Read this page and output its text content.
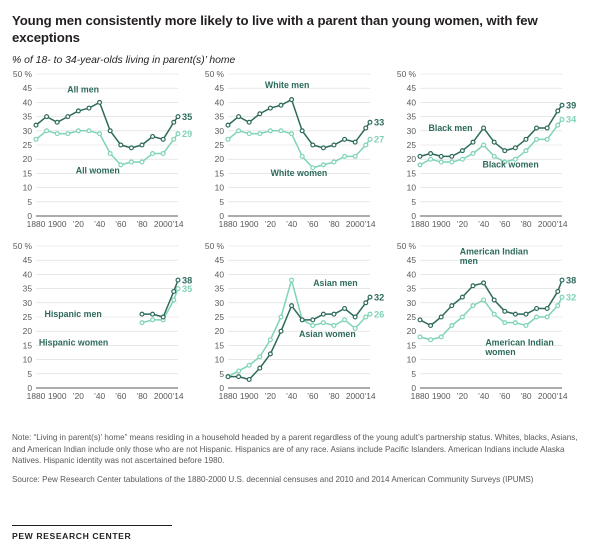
Young men consistently more likely to live with a parent than young women, with few exceptions
% of 18- to 34-year-olds living in parent(s)’ home
50 %
45
40
35
30
25
20
15
10
5
0
1880 1900 ’20 ’40 ’60 ’80 2000 ’14
29
35
All men
All women
50 %
45
40
35
30
25
20
15
10
5
0
1880 1900 ’20 ’40 ’60 ’80 2000 ’14
27
33
White men
White women
50 %
45
40
35
30
25
20
15
10
5
0
1880 1900 ’20 ’40 ’60 ’80 2000 ’14
34
39
Black men
Black women
50 %
45
40
35
30
25
20
15
10
5
0
1880 1900 ’20 ’40 ’60 ’80 2000 ’14
35
38
Hispanic men
Hispanic women
50 %
45
40
35
30
25
20
15
10
5
0
1880 1900 ’20 ’40 ’60 ’80 2000 ’14
26
32
Asian men
Asian women
50 %
45
40
35
30
25
20
15
10
5
0
1880 1900 ’20 ’40 ’60 ’80 2000 ’14
32
38
American Indian
men
American Indian
women

Note: “Living in parent(s)’ home” means residing in a household headed by a parent regardless of the young adult’s partnership status. Whites, blacks, Asians, and American Indian include only those who are not Hispanic. Hispanics are of any race. Asians include Pacific Islanders. American Indians include Alaska Natives. Hispanic identity was not ascertained before 1980.

Source: Pew Research Center tabulations of the 1880-2000 U.S. decennial censuses and 2010 and 2014 American Community Surveys (IPUMS)

PEW RESEARCH CENTER
